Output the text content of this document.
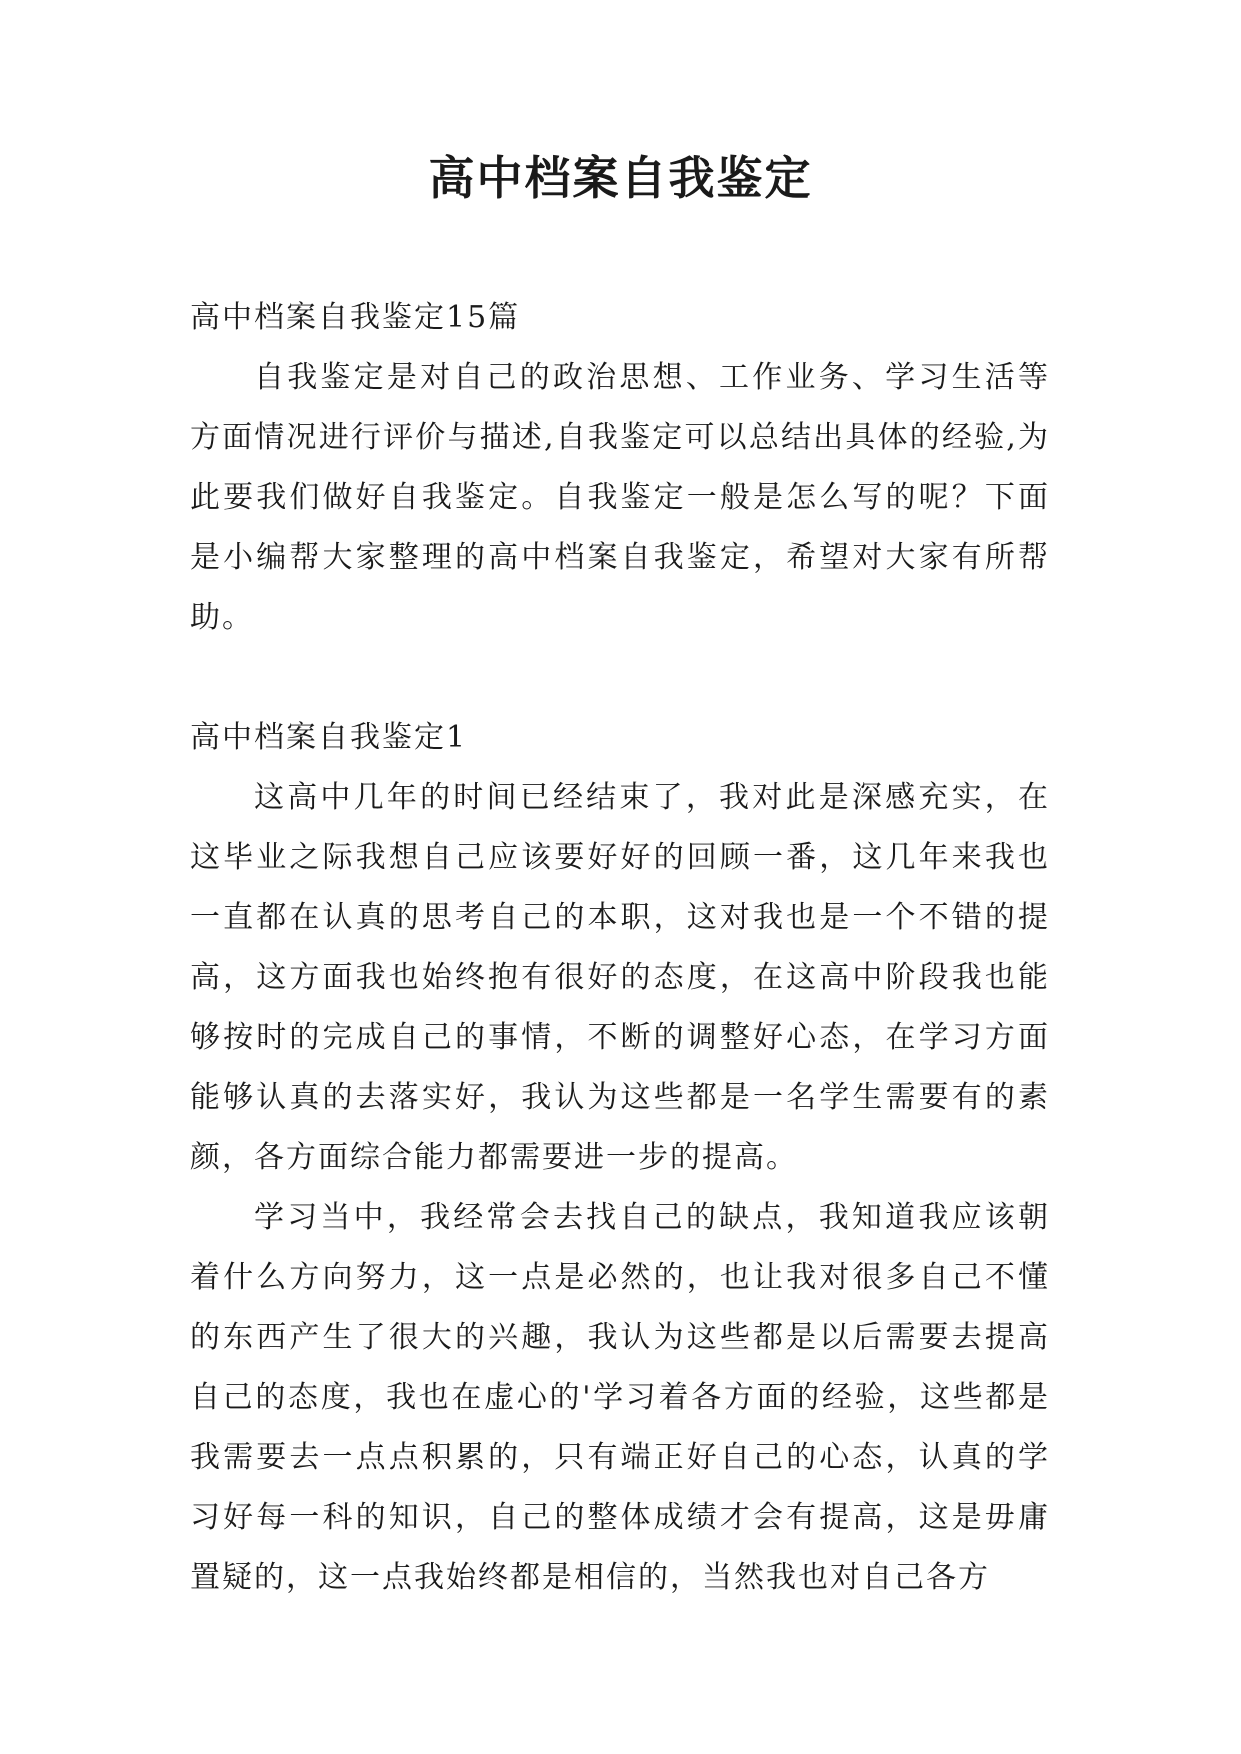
高中档案自我鉴定

高中档案自我鉴定15篇

自我鉴定是对自己的政治思想、工作业务、学习生活等方面情况进行评价与描述,自我鉴定可以总结出具体的经验,为此要我们做好自我鉴定。自我鉴定一般是怎么写的呢？下面是小编帮大家整理的高中档案自我鉴定，希望对大家有所帮助。

高中档案自我鉴定1

这高中几年的时间已经结束了，我对此是深感充实，在这毕业之际我想自己应该要好好的回顾一番，这几年来我也一直都在认真的思考自己的本职，这对我也是一个不错的提高，这方面我也始终抱有很好的态度，在这高中阶段我也能够按时的完成自己的事情，不断的调整好心态，在学习方面能够认真的去落实好，我认为这些都是一名学生需要有的素颜，各方面综合能力都需要进一步的提高。

学习当中，我经常会去找自己的缺点，我知道我应该朝着什么方向努力，这一点是必然的，也让我对很多自己不懂的东西产生了很大的兴趣，我认为这些都是以后需要去提高自己的态度，我也在虚心的'学习着各方面的经验，这些都是我需要去一点点积累的，只有端正好自己的心态，认真的学习好每一科的知识，自己的整体成绩才会有提高，这是毋庸置疑的，这一点我始终都是相信的，当然我也对自己各方
